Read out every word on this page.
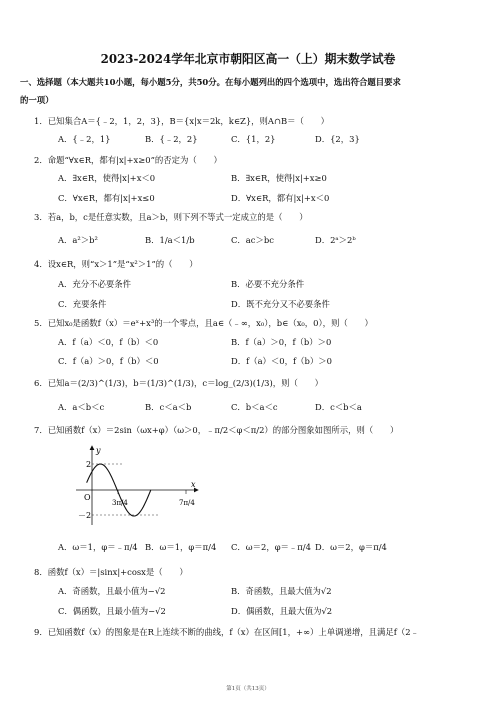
2023-2024学年北京市朝阳区高一（上）期末数学试卷
一、选择题（本大题共10小题，每小题5分，共50分。在每小题列出的四个选项中，选出符合题目要求
的一项）
1．已知集合A＝{﹣2，1，2，3}，B＝{x|x＝2k，k∈Z}，则A∩B＝（　　）
A．{﹣2，1}	B．{﹣2，2}	C．{1，2}	D．{2，3}
2．命题“∀x∈R，都有|x|+x≥0”的否定为（　　）
A．∃x∈R，使得|x|+x＜0	B．∃x∈R，使得|x|+x≥0
C．∀x∈R，都有|x|+x≤0	D．∀x∈R，都有|x|+x＜0
3．若a，b，c是任意实数，且a＞b，则下列不等式一定成立的是（　　）
A．a²＞b²	B．1/a＜1/b	C．ac＞bc	D．2ᵃ＞2ᵇ
4．设x∈R，则“x＞1”是“x²＞1”的（　　）
A．充分不必要条件	B．必要不充分条件
C．充要条件	D．既不充分又不必要条件
5．已知x₀是函数f（x）＝eˣ+x³的一个零点，且a∈（﹣∞，x₀），b∈（x₀，0），则（　　）
A．f（a）＜0，f（b）＜0	B．f（a）＞0，f（b）＞0
C．f（a）＞0，f（b）＜0	D．f（a）＜0，f（b）＞0
6．已知a＝(2/3)^(1/3)，b＝(1/3)^(1/3)，c＝log_(2/3)(1/3)，则（　　）
A．a＜b＜c	B．c＜a＜b	C．b＜a＜c	D．c＜b＜a
7．已知函数f（x）＝2sin（ωx+φ）（ω＞0，﹣π/2＜φ＜π/2）的部分图象如图所示，则（　　）
y
x
O
2
－2
3π/4	7π/4
A．ω＝1，φ＝﹣π/4 B．ω＝1，φ＝π/4 C．ω＝2，φ＝﹣π/4 D．ω＝2，φ＝π/4
8．函数f（x）＝|sinx|+cosx是（　　）
A．奇函数，且最小值为−√2	B．奇函数，且最大值为√2
C．偶函数，且最小值为−√2	D．偶函数，且最大值为√2
9．已知函数f（x）的图象是在R上连续不断的曲线，f（x）在区间[1，+∞）上单调递增，且满足f（2﹣
第1页（共13页）
